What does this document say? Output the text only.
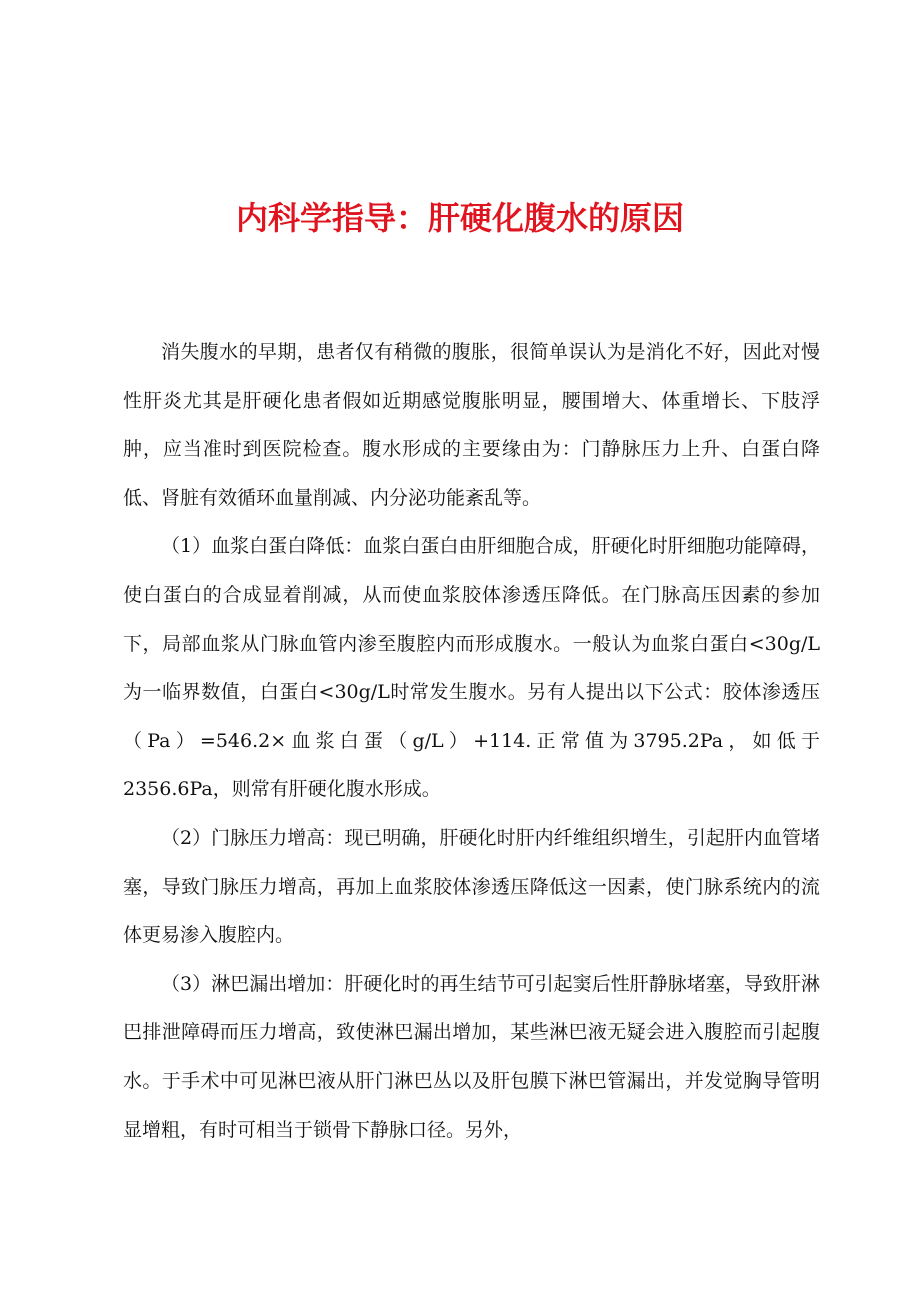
内科学指导：肝硬化腹水的原因

消失腹水的早期，患者仅有稍微的腹胀，很简单误认为是消化不好，因此对慢性肝炎尤其是肝硬化患者假如近期感觉腹胀明显，腰围增大、体重增长、下肢浮肿，应当准时到医院检查。腹水形成的主要缘由为：门静脉压力上升、白蛋白降低、肾脏有效循环血量削减、内分泌功能紊乱等。

（1）血浆白蛋白降低：血浆白蛋白由肝细胞合成，肝硬化时肝细胞功能障碍，使白蛋白的合成显着削减，从而使血浆胶体渗透压降低。在门脉高压因素的参加下，局部血浆从门脉血管内渗至腹腔内而形成腹水。一般认为血浆白蛋白<30g/L为一临界数值，白蛋白<30g/L时常发生腹水。另有人提出以下公式：胶体渗透压（Pa）=546.2×血浆白蛋（g/L）+114.正常值为3795.2Pa，如低于2356.6Pa，则常有肝硬化腹水形成。

（2）门脉压力增高：现已明确，肝硬化时肝内纤维组织增生，引起肝内血管堵塞，导致门脉压力增高，再加上血浆胶体渗透压降低这一因素，使门脉系统内的流体更易渗入腹腔内。

（3）淋巴漏出增加：肝硬化时的再生结节可引起窦后性肝静脉堵塞，导致肝淋巴排泄障碍而压力增高，致使淋巴漏出增加，某些淋巴液无疑会进入腹腔而引起腹水。于手术中可见淋巴液从肝门淋巴丛以及肝包膜下淋巴管漏出，并发觉胸导管明显增粗，有时可相当于锁骨下静脉口径。另外，
